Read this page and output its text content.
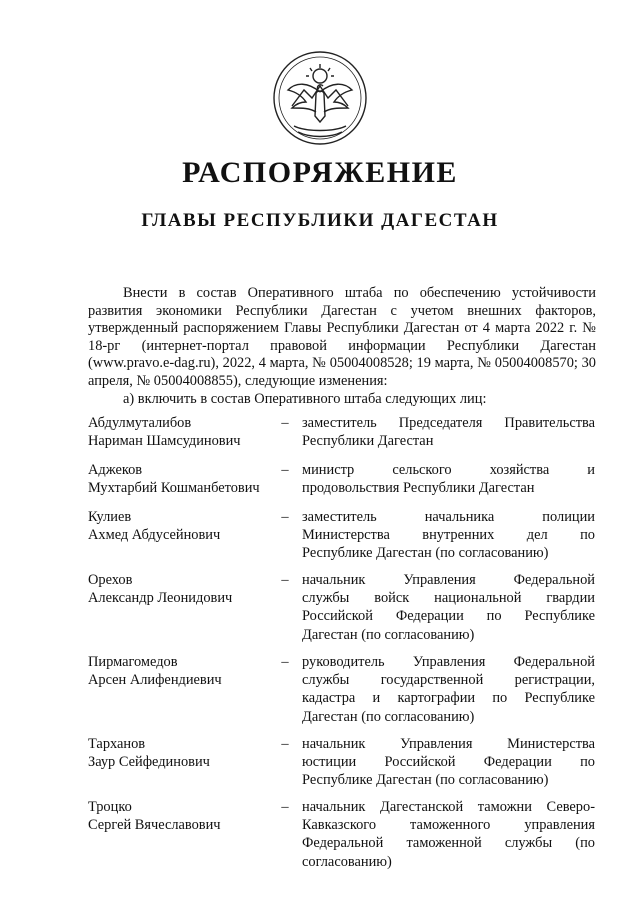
РАСПОРЯЖЕНИЕ
ГЛАВЫ РЕСПУБЛИКИ ДАГЕСТАН

Внести в состав Оперативного штаба по обеспечению устойчивости развития экономики Республики Дагестан с учетом внешних факторов, утвержденный распоряжением Главы Республики Дагестан от 4 марта 2022 г. № 18-рг (интернет-портал правовой информации Республики Дагестан (www.pravo.e-dag.ru), 2022, 4 марта, № 05004008528; 19 марта, № 05004008570; 30 апреля, № 05004008855), следующие изменения:

а) включить в состав Оперативного штаба следующих лиц:

Абдулмуталибов
Нариман Шамсудинович
– заместитель Председателя Правительства
Республики Дагестан
Аджеков
Мухтарбий Кошманбетович
– министр сельского хозяйства и
продовольствия Республики Дагестан
Кулиев
Ахмед Абдусейнович
– заместитель начальника полиции
Министерства внутренних дел по
Республике Дагестан (по согласованию)
Орехов
Александр Леонидович
– начальник Управления Федеральной
службы войск национальной гвардии
Российской Федерации по Республике
Дагестан (по согласованию)
Пирмагомедов
Арсен Алифендиевич
– руководитель Управления Федеральной
службы государственной регистрации,
кадастра и картографии по Республике
Дагестан (по согласованию)
Тарханов
Заур Сейфединович
– начальник Управления Министерства
юстиции Российской Федерации по
Республике Дагестан (по согласованию)
Троцко
Сергей Вячеславович
– начальник Дагестанской таможни Северо-
Кавказского таможенного управления
Федеральной таможенной службы (по
согласованию)
